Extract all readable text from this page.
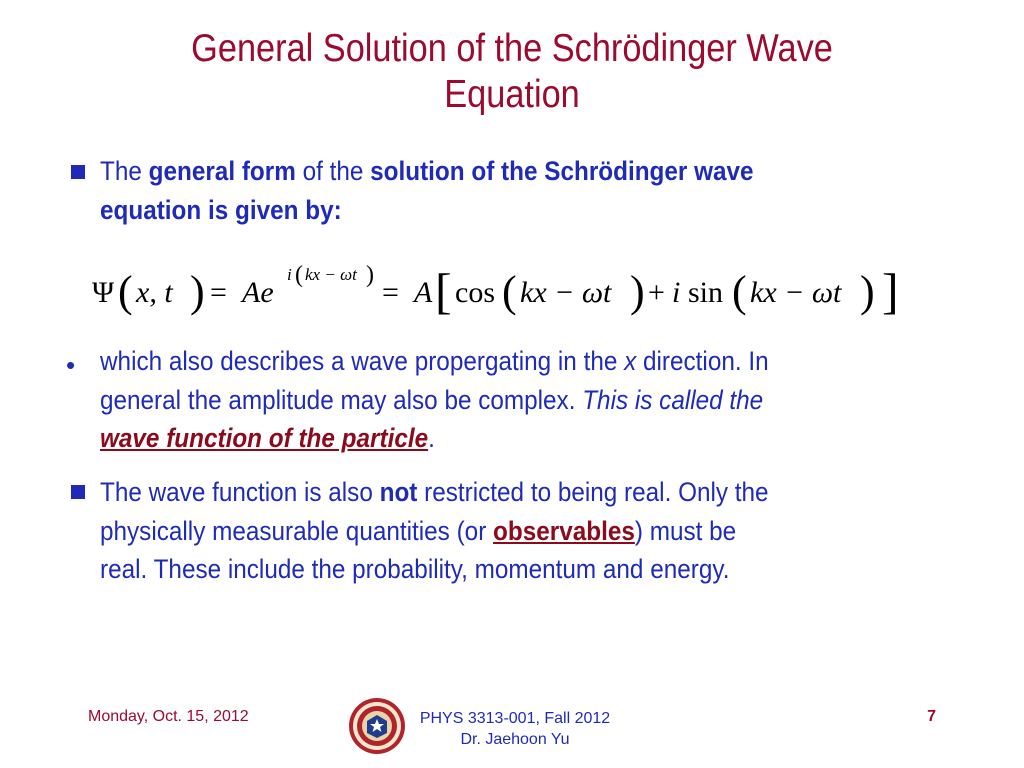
General Solution of the Schrödinger Wave
Equation
The general form of the solution of the Schrödinger wave
equation is given by:
Ψ ( x, t ) = Ae
i ( kx − ωt )
= A [ cos ( kx − ωt ) + i sin ( kx − ωt ) ]
• which also describes a wave propergating in the x direction. In
general the amplitude may also be complex. This is called the
wave function of the particle.
The wave function is also not restricted to being real. Only the
physically measurable quantities (or observables) must be
real. These include the probability, momentum and energy.
Monday, Oct. 15, 2012	PHYS 3313-001, Fall 2012
Dr. Jaehoon Yu
7
